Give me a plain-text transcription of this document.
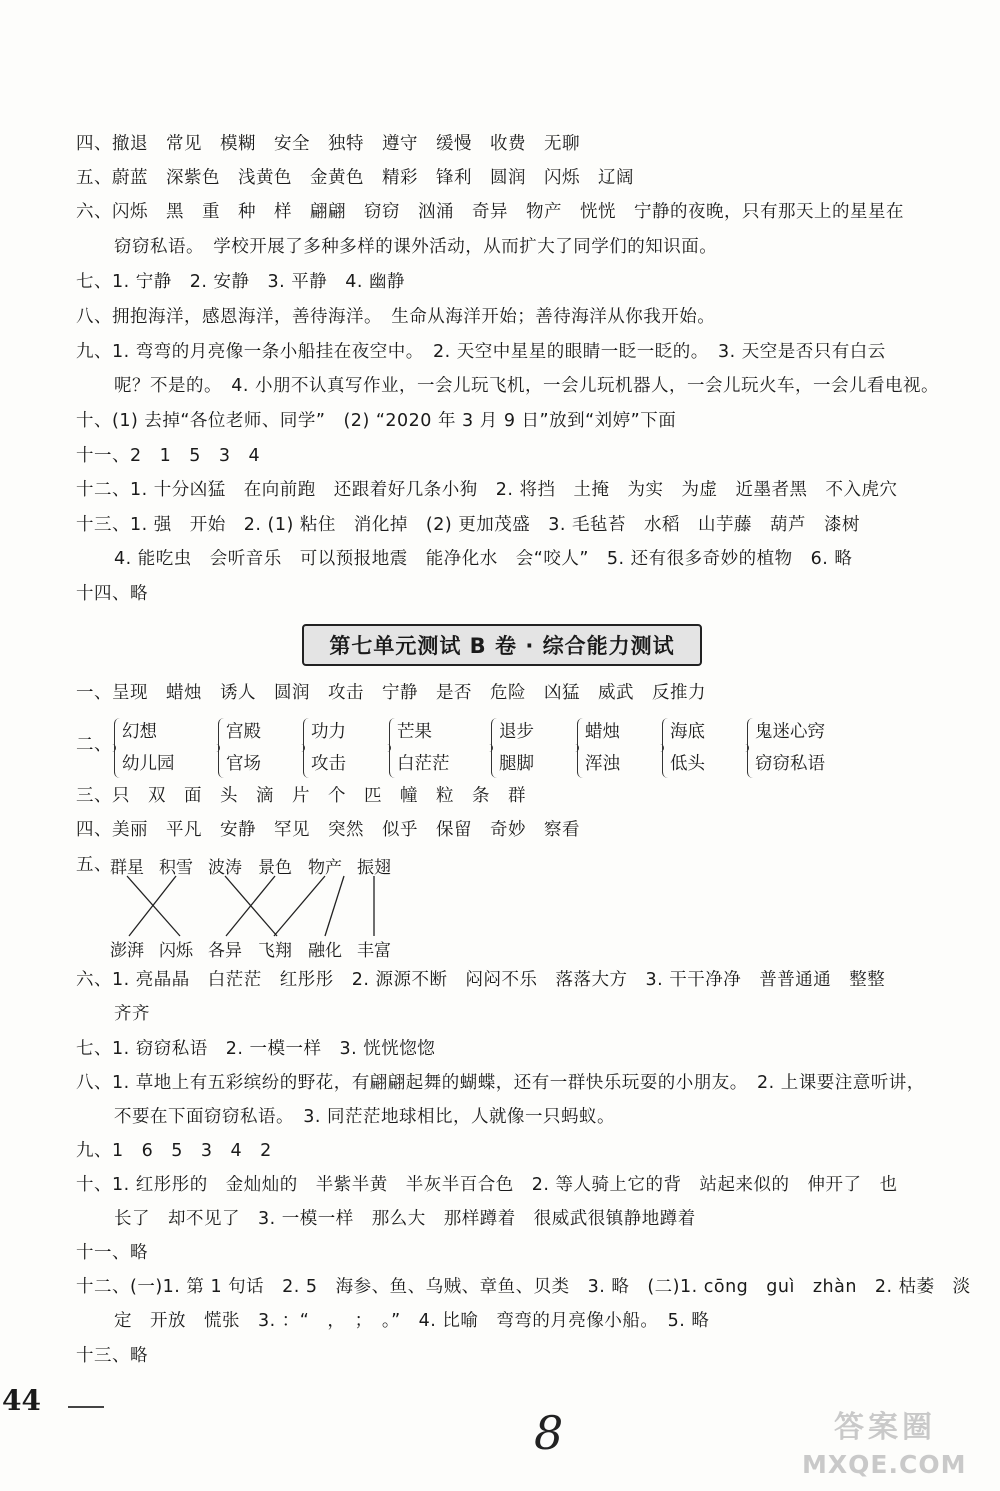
四、撤退　常见　模糊　安全　独特　遵守　缓慢　收费　无聊
五、蔚蓝　深紫色　浅黄色　金黄色　精彩　锋利　圆润　闪烁　辽阔
六、闪烁　黑　重　种　样　翩翩　窃窃　汹涌　奇异　物产　恍恍　宁静的夜晚，只有那天上的星星在
窃窃私语。　学校开展了多种多样的课外活动，从而扩大了同学们的知识面。
七、1. 宁静　2. 安静　3. 平静　4. 幽静
八、拥抱海洋，感恩海洋，善待海洋。　生命从海洋开始；善待海洋从你我开始。
九、1. 弯弯的月亮像一条小船挂在夜空中。　2. 天空中星星的眼睛一眨一眨的。　3. 天空是否只有白云
呢？不是的。　4. 小朋不认真写作业，一会儿玩飞机，一会儿玩机器人，一会儿玩火车，一会儿看电视。
十、(1) 去掉“各位老师、同学”　(2) “2020 年 3 月 9 日”放到“刘婷”下面
十一、2　1　5　3　4
十二、1. 十分凶猛　在向前跑　还跟着好几条小狗　2. 将挡　土掩　为实　为虚　近墨者黑　不入虎穴
十三、1. 强　开始　2. (1) 粘住　消化掉　(2) 更加茂盛　3. 毛毡苔　水稻　山芋藤　葫芦　漆树
4. 能吃虫　会听音乐　可以预报地震　能净化水　会“咬人”　5. 还有很多奇妙的植物　6. 略
十四、略
第七单元测试 B 卷 · 综合能力测试
一、呈现　蜡烛　诱人　圆润　攻击　宁静　是否　危险　凶猛　威武　反推力
二、
幻想
幼儿园
宫殿
官场
功力
攻击
芒果
白茫茫
退步
腿脚
蜡烛
浑浊
海底
低头
鬼迷心窍
窃窃私语
三、只　双　面　头　滴　片　个　匹　幢　粒　条　群
四、美丽　平凡　安静　罕见　突然　似乎　保留　奇妙　察看
五、
群星 积雪 波涛 景色 物产 振翅
澎湃 闪烁 各异 飞翔 融化 丰富
六、1. 亮晶晶　白茫茫　红彤彤　2. 源源不断　闷闷不乐　落落大方　3. 干干净净　普普通通　整整
齐齐
七、1. 窃窃私语　2. 一模一样　3. 恍恍惚惚
八、1. 草地上有五彩缤纷的野花，有翩翩起舞的蝴蝶，还有一群快乐玩耍的小朋友。　2. 上课要注意听讲，
不要在下面窃窃私语。　3. 同茫茫地球相比，人就像一只蚂蚁。
九、1　6　5　3　4　2
十、1. 红彤彤的　金灿灿的　半紫半黄　半灰半百合色　2. 等人骑上它的背　站起来似的　伸开了　也
长了　却不见了　3. 一模一样　那么大　那样蹲着　很威武很镇静地蹲着
十一、略
十二、(一)1. 第 1 句话　2. 5　海参、鱼、乌贼、章鱼、贝类　3. 略　(二)1. cōng　guì　zhàn　2. 枯萎　淡
定　开放　慌张　3. ：“　，　；　。”　4. 比喻　弯弯的月亮像小船。　5. 略
十三、略
44
8	答案圈
MXQE.COM
